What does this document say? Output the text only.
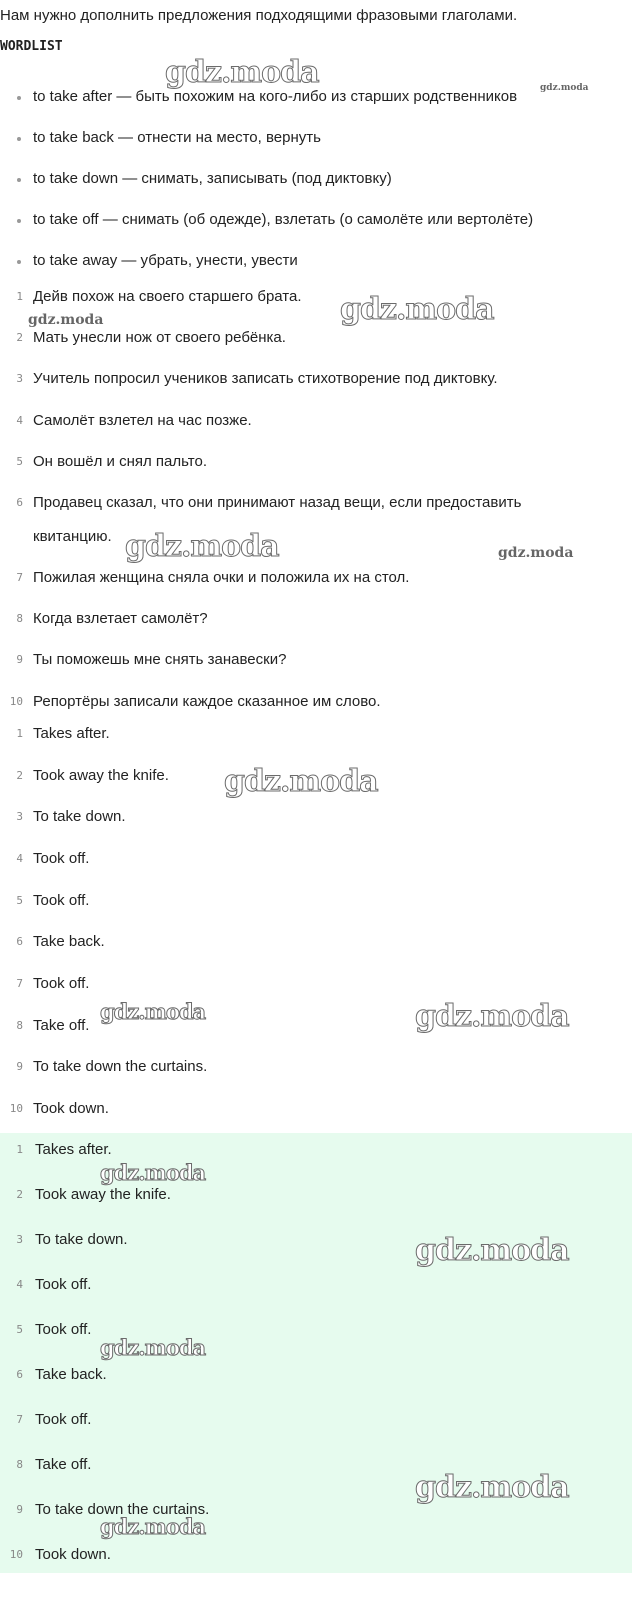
Нам нужно дополнить предложения подходящими фразовыми глаголами.
WORDLIST
to take after — быть похожим на кого-либо из старших родственников
to take back — отнести на место, вернуть
to take down — снимать, записывать (под диктовку)
to take off — снимать (об одежде), взлетать (о самолёте или вертолёте)
to take away — убрать, унести, увести
1 Дейв похож на своего старшего брата.
2 Мать унесли нож от своего ребёнка.
3 Учитель попросил учеников записать стихотворение под диктовку.
4 Самолёт взлетел на час позже.
5 Он вошёл и снял пальто.
6 Продавец сказал, что они принимают назад вещи, если предоставить
квитанцию.
7 Пожилая женщина сняла очки и положила их на стол.
8 Когда взлетает самолёт?
9 Ты поможешь мне снять занавески?
10 Репортёры записали каждое сказанное им слово.
1 Takes after.
2 Took away the knife.
3 To take down.
4 Took off.
5 Took off.
6 Take back.
7 Took off.
8 Take off.
9 To take down the curtains.
10 Took down.
1 Takes after.
2 Took away the knife.
3 To take down.
4 Took off.
5 Took off.
6 Take back.
7 Took off.
8 Take off.
9 To take down the curtains.
10 Took down.
gdz.moda	gdz.moda
gdz.moda
gdz.moda
gdz.moda	gdz.moda
gdz.moda
gdz.moda	gdz.moda
gdz.moda
gdz.moda
gdz.moda
gdz.moda
gdz.moda
